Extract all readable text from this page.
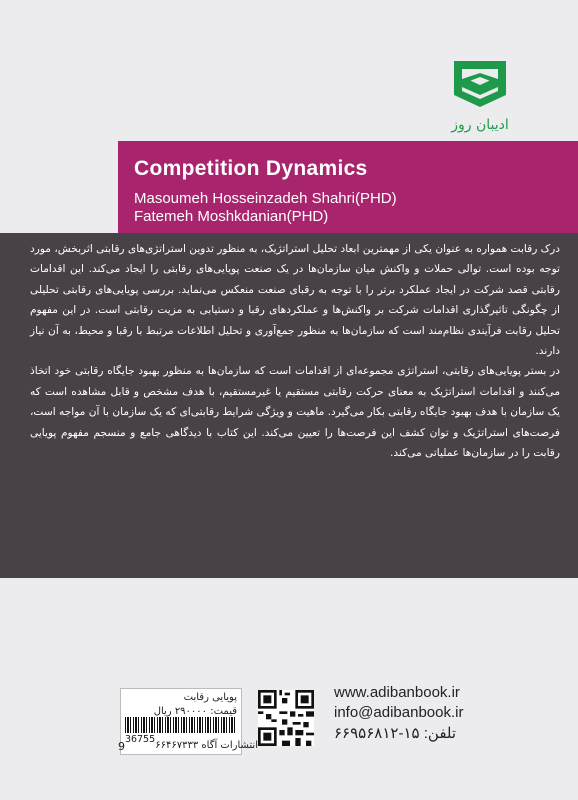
ادیبان روز
Competition Dynamics
Masoumeh Hosseinzadeh Shahri(PHD)
Fatemeh Moshkdanian(PHD)

درک رقابت همواره به عنوان یکی از مهمترین ابعاد تحلیل استراتژیک، به منظور تدوین استراتژی‌های رقابتی اثربخش، مورد توجه بوده است. توالی حملات و واکنش میان سازمان‌ها در یک صنعت پویایی‌های رقابتی را ایجاد می‌کند. این اقدامات رقابتی قصد شرکت در ایجاد عملکرد برتر را با توجه به رقبای صنعت منعکس می‌نماید. بررسی پویایی‌های رقابتی تحلیلی از چگونگی تاثیرگذاری اقدامات شرکت بر واکنش‌ها و عملکردهای رقبا و دستیابی به مزیت رقابتی است. در این مفهوم تحلیل رقابت فرآیندی نظام‌مند است که سازمان‌ها به منظور جمع‌آوری و تحلیل اطلاعات مرتبط با رقبا و محیط، به آن نیاز دارند.

در بستر پویایی‌های رقابتی، استراتژی مجموعه‌ای از اقدامات است که سازمان‌ها به منظور بهبود جایگاه رقابتی خود اتخاذ می‌کنند و اقدامات استراتژیک به معنای حرکت رقابتی مستقیم یا غیرمستقیم، با هدف مشخص و قابل مشاهده است که یک سازمان با هدف بهبود جایگاه رقابتی بکار می‌گیرد. ماهیت و ویژگی شرایط رقابتی‌ای که یک سازمان با آن مواجه است، فرصت‌های استراتژیک و توان کشف این فرصت‌ها را تعیین می‌کند. این کتاب با دیدگاهی جامع و منسجم مفهوم پویایی رقابت را در سازمان‌ها عملیاتی می‌کند.

پویایی رقابت
قیمت: ۲۹۰۰۰۰ ریال
36755
انتشارات آگاه ۶۶۴۶۷۳۳۳
9
www.adibanbook.ir
info@adibanbook.ir
تلفن: ۱۵-۶۶۹۵۶۸۱۲
